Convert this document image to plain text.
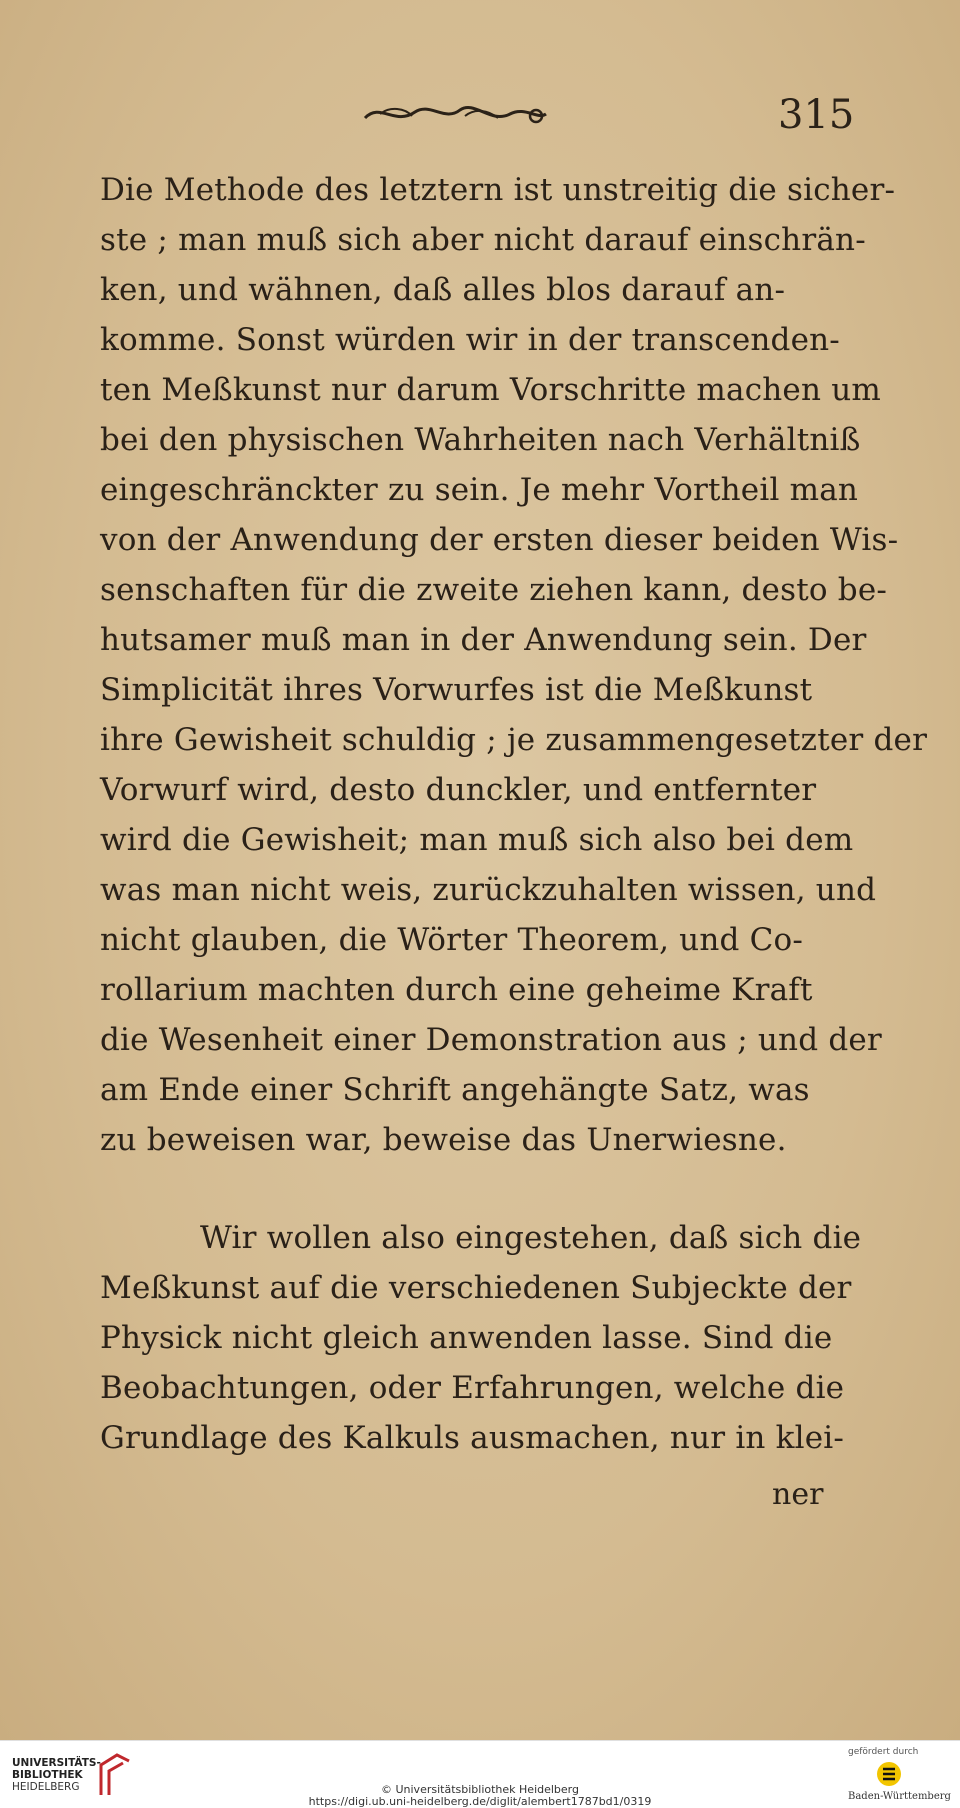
315
Die Methode des letztern ist unstreitig die sicher-
ste ; man muß sich aber nicht darauf einschrän-
ken, und wähnen, daß alles blos darauf an-
komme. Sonst würden wir in der transcenden-
ten Meßkunst nur darum Vorschritte machen um
bei den physischen Wahrheiten nach Verhältniß
eingeschränckter zu sein. Je mehr Vortheil man
von der Anwendung der ersten dieser beiden Wis-
senschaften für die zweite ziehen kann, desto be-
hutsamer muß man in der Anwendung sein. Der
Simplicität ihres Vorwurfes ist die Meßkunst
ihre Gewisheit schuldig ; je zusammengesetzter der
Vorwurf wird, desto dunckler, und entfernter
wird die Gewisheit; man muß sich also bei dem
was man nicht weis, zurückzuhalten wissen, und
nicht glauben, die Wörter Theorem, und Co-
rollarium machten durch eine geheime Kraft
die Wesenheit einer Demonstration aus ; und der
am Ende einer Schrift angehängte Satz, was
zu beweisen war, beweise das Unerwiesne.
Wir wollen also eingestehen, daß sich die
Meßkunst auf die verschiedenen Subjeckte der
Physick nicht gleich anwenden lasse. Sind die
Beobachtungen, oder Erfahrungen, welche die
Grundlage des Kalkuls ausmachen, nur in klei-
ner
UNIVERSITÄTS-
BIBLIOTHEK
HEIDELBERG	© Universitätsbibliothek Heidelberg
https://digi.ub.uni-heidelberg.de/diglit/alembert1787bd1/0319
gefördert durch
Baden-Württemberg
